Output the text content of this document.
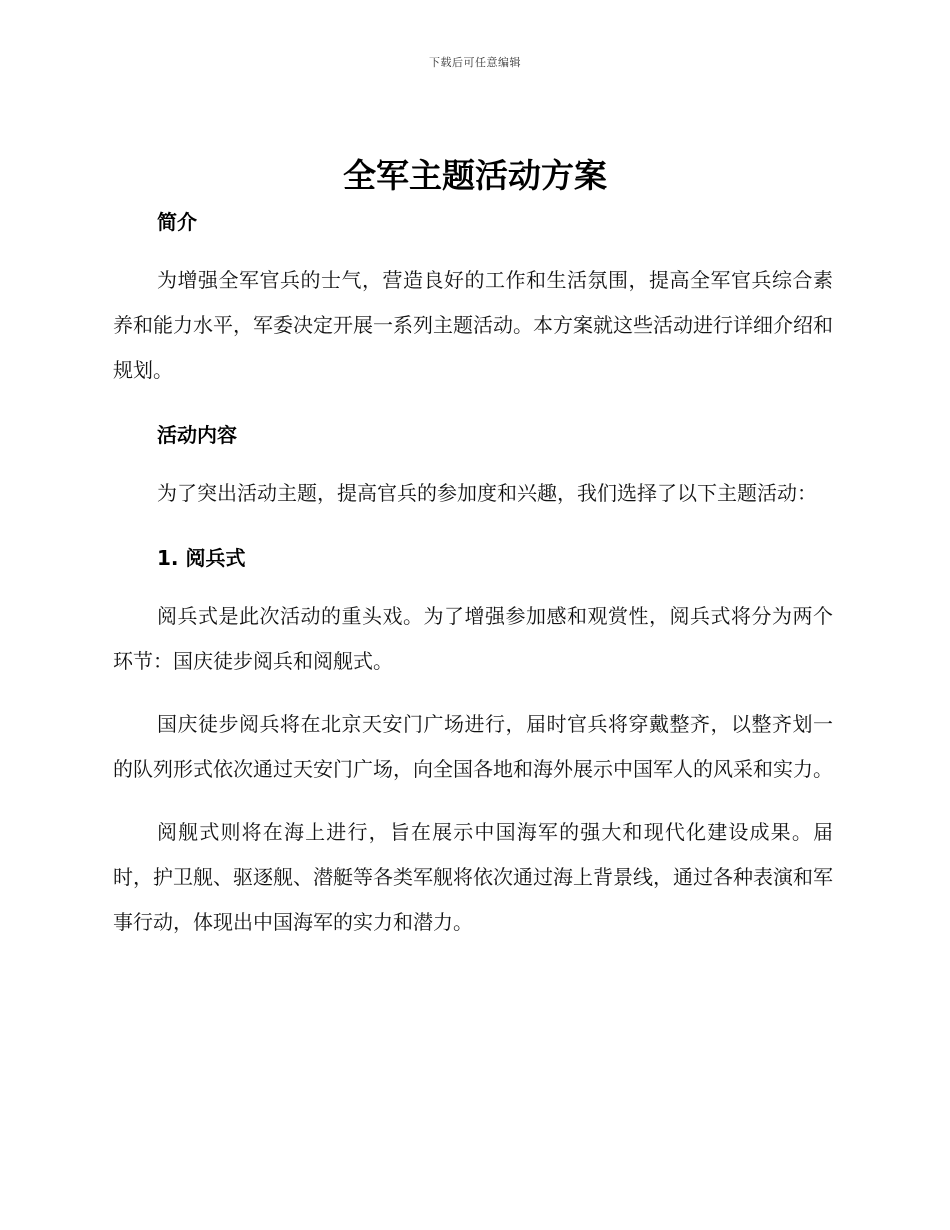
下载后可任意编辑
全军主题活动方案
简介

为增强全军官兵的士气，营造良好的工作和生活氛围，提高全军官兵综合素养和能力水平，军委决定开展一系列主题活动。本方案就这些活动进行详细介绍和规划。

活动内容

为了突出活动主题，提高官兵的参加度和兴趣，我们选择了以下主题活动：

1. 阅兵式

阅兵式是此次活动的重头戏。为了增强参加感和观赏性，阅兵式将分为两个环节：国庆徒步阅兵和阅舰式。

国庆徒步阅兵将在北京天安门广场进行，届时官兵将穿戴整齐，以整齐划一的队列形式依次通过天安门广场，向全国各地和海外展示中国军人的风采和实力。

阅舰式则将在海上进行，旨在展示中国海军的强大和现代化建设成果。届时，护卫舰、驱逐舰、潜艇等各类军舰将依次通过海上背景线，通过各种表演和军事行动，体现出中国海军的实力和潜力。
